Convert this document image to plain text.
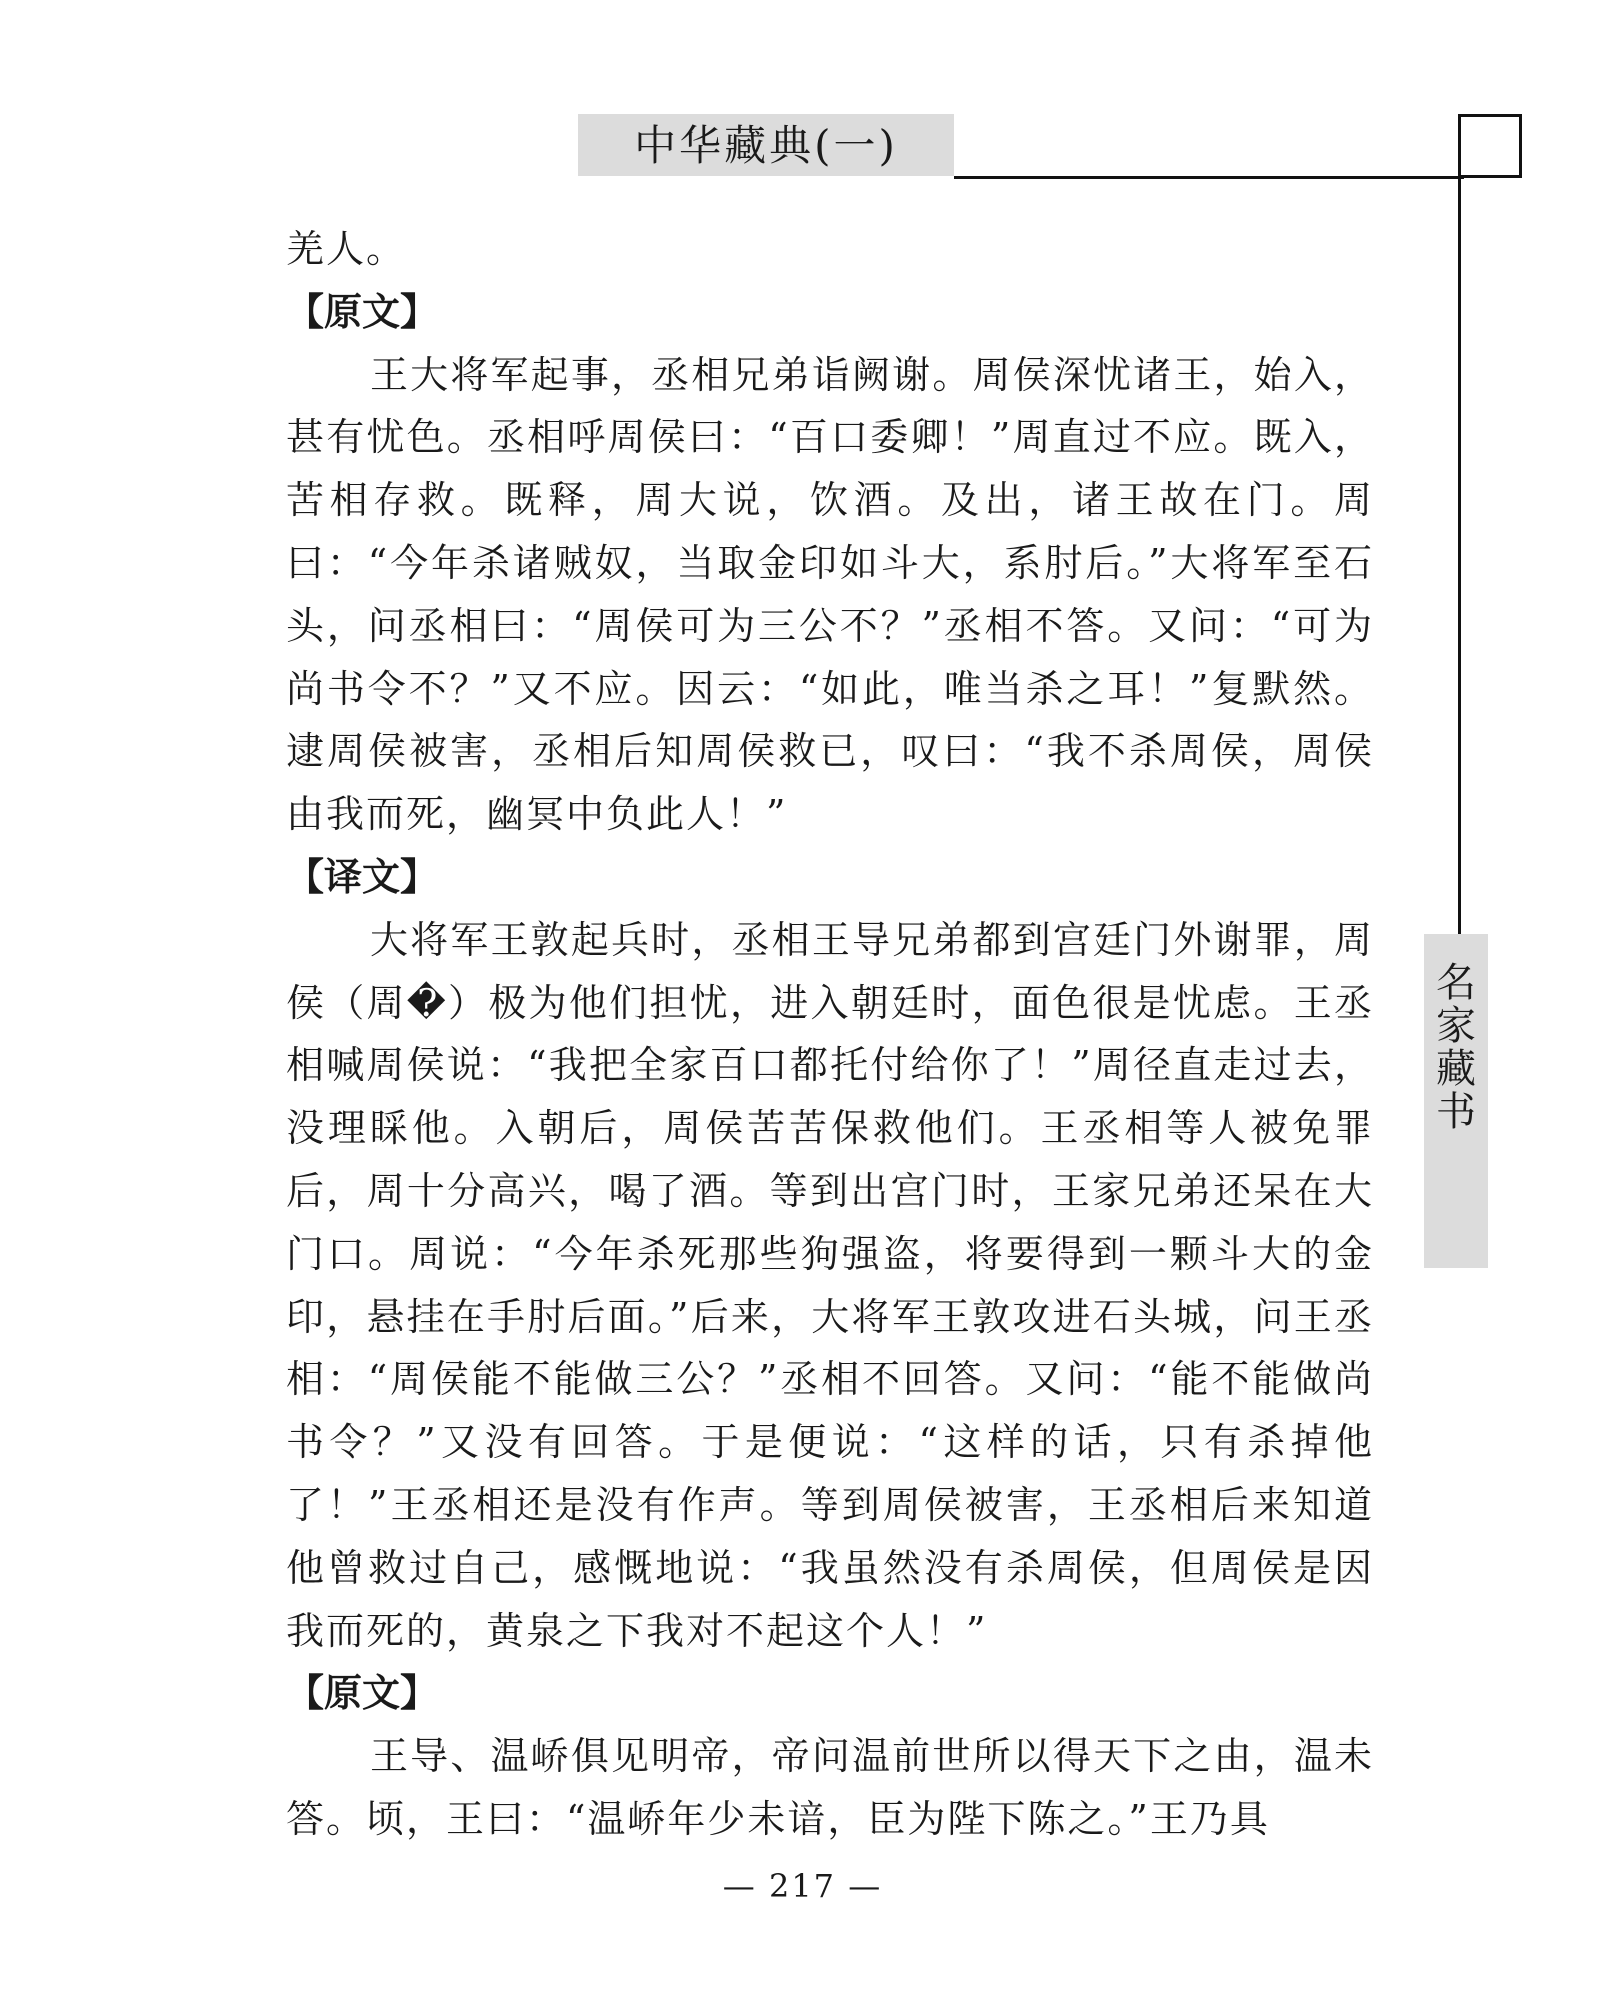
中华藏典(一)
名家藏书

羌人。

【原文】

王大将军起事，丞相兄弟诣阙谢。周侯深忧诸王，始入，甚有忧色。丞相呼周侯曰：“百口委卿！”周直过不应。既入，苦相存救。既释，周大说，饮酒。及出，诸王故在门。周曰：“今年杀诸贼奴，当取金印如斗大，系肘后。”大将军至石头，问丞相曰：“周侯可为三公不？”丞相不答。又问：“可为尚书令不？”又不应。因云：“如此，唯当杀之耳！”复默然。逮周侯被害，丞相后知周侯救已，叹曰：“我不杀周侯，周侯由我而死，幽冥中负此人！”

【译文】

大将军王敦起兵时，丞相王导兄弟都到宫廷门外谢罪，周侯（周�）极为他们担忧，进入朝廷时，面色很是忧虑。王丞相喊周侯说：“我把全家百口都托付给你了！”周径直走过去，没理睬他。入朝后，周侯苦苦保救他们。王丞相等人被免罪后，周十分高兴，喝了酒。等到出宫门时，王家兄弟还呆在大门口。周说：“今年杀死那些狗强盗，将要得到一颗斗大的金印，悬挂在手肘后面。”后来，大将军王敦攻进石头城，问王丞相：“周侯能不能做三公？”丞相不回答。又问：“能不能做尚书令？”又没有回答。于是便说：“这样的话，只有杀掉他了！”王丞相还是没有作声。等到周侯被害，王丞相后来知道他曾救过自己，感慨地说：“我虽然没有杀周侯，但周侯是因我而死的，黄泉之下我对不起这个人！”

【原文】

王导、温峤俱见明帝，帝问温前世所以得天下之由，温未答。顷，王曰：“温峤年少未谙，臣为陛下陈之。”王乃具

— 217 —
